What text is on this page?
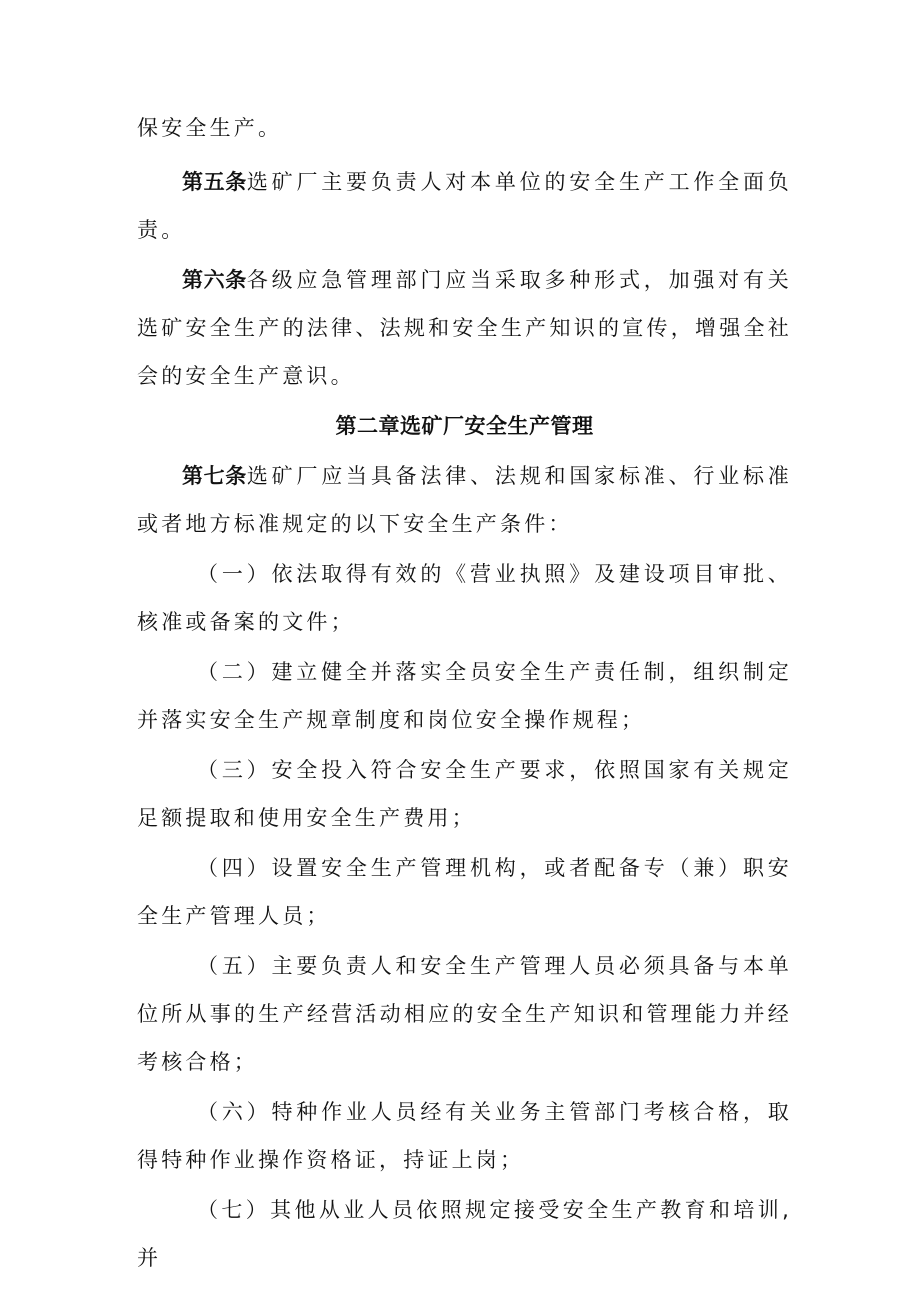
保安全生产。

第五条选矿厂主要负责人对本单位的安全生产工作全面负责。

第六条各级应急管理部门应当采取多种形式，加强对有关选矿安全生产的法律、法规和安全生产知识的宣传，增强全社会的安全生产意识。

第二章选矿厂安全生产管理

第七条选矿厂应当具备法律、法规和国家标准、行业标准或者地方标准规定的以下安全生产条件：

（一）依法取得有效的《营业执照》及建设项目审批、核准或备案的文件；

（二）建立健全并落实全员安全生产责任制，组织制定并落实安全生产规章制度和岗位安全操作规程；

（三）安全投入符合安全生产要求，依照国家有关规定足额提取和使用安全生产费用；

（四）设置安全生产管理机构，或者配备专（兼）职安全生产管理人员；

（五）主要负责人和安全生产管理人员必须具备与本单位所从事的生产经营活动相应的安全生产知识和管理能力并经考核合格；

（六）特种作业人员经有关业务主管部门考核合格，取得特种作业操作资格证，持证上岗；

（七）其他从业人员依照规定接受安全生产教育和培训,并
